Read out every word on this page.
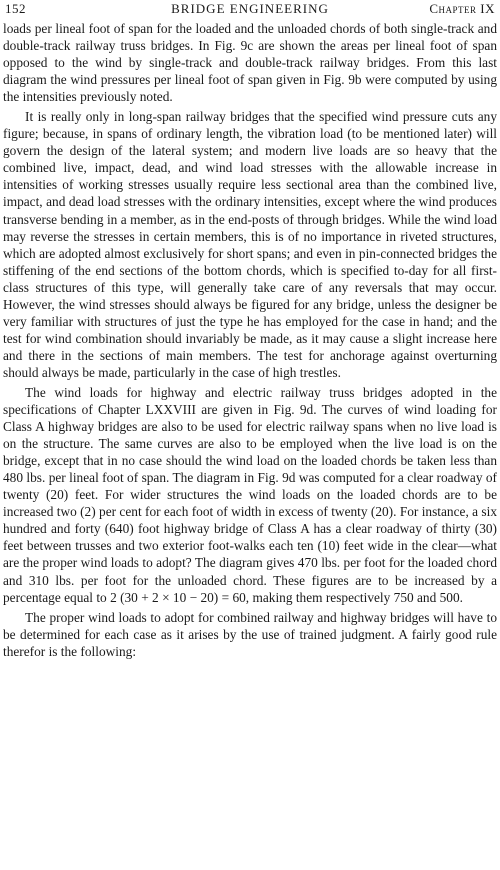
152	BRIDGE ENGINEERING	Chapter IX

loads per lineal foot of span for the loaded and the unloaded chords of both single-track and double-track railway truss bridges. In Fig. 9c are shown the areas per lineal foot of span opposed to the wind by single-track and double-track railway bridges. From this last diagram the wind pressures per lineal foot of span given in Fig. 9b were computed by using the intensities previously noted.

It is really only in long-span railway bridges that the specified wind pressure cuts any figure; because, in spans of ordinary length, the vibration load (to be mentioned later) will govern the design of the lateral system; and modern live loads are so heavy that the combined live, impact, dead, and wind load stresses with the allowable increase in intensities of working stresses usually require less sectional area than the combined live, impact, and dead load stresses with the ordinary intensities, except where the wind produces transverse bending in a member, as in the end-posts of through bridges. While the wind load may reverse the stresses in certain members, this is of no importance in riveted structures, which are adopted almost exclusively for short spans; and even in pin-connected bridges the stiffening of the end sections of the bottom chords, which is specified to-day for all first-class structures of this type, will generally take care of any reversals that may occur. However, the wind stresses should always be figured for any bridge, unless the designer be very familiar with structures of just the type he has employed for the case in hand; and the test for wind combination should invariably be made, as it may cause a slight increase here and there in the sections of main members. The test for anchorage against overturning should always be made, particularly in the case of high trestles.

The wind loads for highway and electric railway truss bridges adopted in the specifications of Chapter LXXVIII are given in Fig. 9d. The curves of wind loading for Class A highway bridges are also to be used for electric railway spans when no live load is on the structure. The same curves are also to be employed when the live load is on the bridge, except that in no case should the wind load on the loaded chords be taken less than 480 lbs. per lineal foot of span. The diagram in Fig. 9d was computed for a clear roadway of twenty (20) feet. For wider structures the wind loads on the loaded chords are to be increased two (2) per cent for each foot of width in excess of twenty (20). For instance, a six hundred and forty (640) foot highway bridge of Class A has a clear roadway of thirty (30) feet between trusses and two exterior foot-walks each ten (10) feet wide in the clear—what are the proper wind loads to adopt? The diagram gives 470 lbs. per foot for the loaded chord and 310 lbs. per foot for the unloaded chord. These figures are to be increased by a percentage equal to 2 (30 + 2 × 10 − 20) = 60, making them respectively 750 and 500.

The proper wind loads to adopt for combined railway and highway bridges will have to be determined for each case as it arises by the use of trained judgment. A fairly good rule therefor is the following:
